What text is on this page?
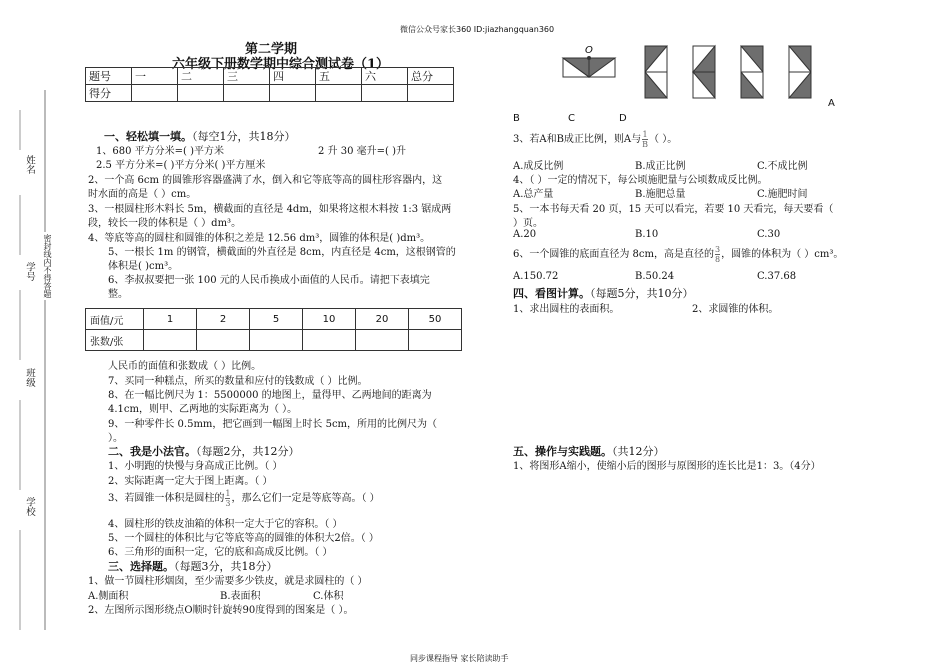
微信公众号家长360 ID:jiazhangquan360
同步课程指导 家长陪读助手
姓名
学号
班级
学校
密封线内不得答题
第二学期
六年级下册数学期中综合测试卷（1）
题号	一	二	三	四	五	六	总分
得分							
一、轻松填一填。（每空1分，共18分）
1、680 平方分米=( )平方米	2 升 30 毫升=( )升
2.5 平方分米=( )平方分米( )平方厘米
2、一个高 6cm 的圆锥形容器盛满了水，倒入和它等底等高的圆柱形容器内，这
时水面的高是（ ）cm。
3、一根圆柱形木料长 5m，横截面的直径是 4dm，如果将这根木料按 1:3 锯成两
段，较长一段的体积是（ ）dm³。
4、等底等高的圆柱和圆锥的体积之差是 12.56 dm³，圆锥的体积是( )dm³。
5、一根长 1m 的钢管，横截面的外直径是 8cm，内直径是 4cm，这根钢管的
体积是( )cm³。
6、李叔叔要把一张 100 元的人民币换成小面值的人民币。请把下表填完
整。
面值/元	1	2	5	10	20	50
张数/张						
人民币的面值和张数成（ ）比例。
7、买同一种糕点，所买的数量和应付的钱数成（ ）比例。
8、在一幅比例尺为 1：5500000 的地图上，量得甲、乙两地间的距离为
4.1cm，则甲、乙两地的实际距离为（ ）。
9、一种零件长 0.5mm，把它画到一幅图上时长 5cm，所用的比例尺为（
）。
二、我是小法官。（每题2分，共12分）
1、小明跑的快慢与身高成正比例。（ ）
2、实际距离一定大于图上距离。（ ）
3、若圆锥一体积是圆柱的 $\frac{1}{3}$ ，那么它们一定是等底等高。（ ）
4、圆柱形的铁皮油箱的体积一定大于它的容积。（ ）
5、一个圆柱的体积比与它等底等高的圆锥的体积大2倍。（ ）
6、三角形的面积一定，它的底和高成反比例。（ ）
三、选择题。（每题3分，共18分）
1、做一节圆柱形烟囱，至少需要多少铁皮，就是求圆柱的（ ）
A.侧面积	B.表面积	C.体积
2、左图所示图形绕点O顺时针旋转90度得到的图案是（ ）。
O
B	C	D
A
3、若A和B成正比例，则A与 $\frac{1}{B}$ （ ）。
A.成反比例	B.成正比例	C.不成比例
4、（ ）一定的情况下，每公顷施肥量与公顷数成反比例。
A.总产量	B.施肥总量	C.施肥时间
5、一本书每天看 20 页，15 天可以看完，若要 10 天看完，每天要看（
）页。
A.20	B.10	C.30
6、一个圆锥的底面直径为 8cm，高是直径的 $\frac{3}{8}$ ，圆锥的体积为（ ）cm³。
A.150.72	B.50.24	C.37.68
四、看图计算。（每题5分，共10分）
1、求出圆柱的表面积。	2、求圆锥的体积。
五、操作与实践题。（共12分）
1、将图形A缩小，使缩小后的图形与原图形的连长比是1：3。（4分）
